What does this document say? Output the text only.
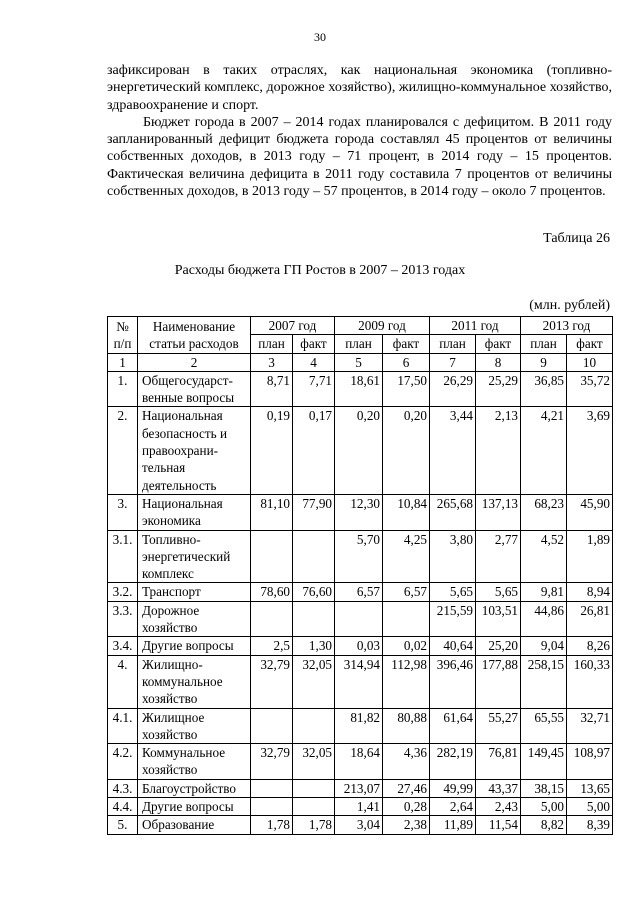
30

зафиксирован в таких отраслях, как национальная экономика (топливно-энергетический комплекс, дорожное хозяйство), жилищно-коммунальное хозяйство, здравоохранение и спорт.

Бюджет города в 2007 – 2014 годах планировался с дефицитом. В 2011 году запланированный дефицит бюджета города составлял 45 процентов от величины собственных доходов, в 2013 году – 71 процент, в 2014 году – 15 процентов. Фактическая величина дефицита в 2011 году составила 7 процентов от величины собственных доходов, в 2013 году – 57 процентов, в 2014 году – около 7 процентов.

Таблица 26
Расходы бюджета ГП Ростов в 2007 – 2013 годах
(млн. рублей)
№ п/п	Наименование статьи расходов	2007 год		2009 год		2011 год		2013 год	
		план	факт	план	факт	план	факт	план	факт
1	2	3	4	5	6	7	8	9	10
1.	Общегосударст-венные вопросы	8,71	7,71	18,61	17,50	26,29	25,29	36,85	35,72
2.	Национальная безопасность и правоохрани-тельная деятельность	0,19	0,17	0,20	0,20	3,44	2,13	4,21	3,69
3.	Национальная экономика	81,10	77,90	12,30	10,84	265,68	137,13	68,23	45,90
3.1.	Топливно-энергетический комплекс			5,70	4,25	3,80	2,77	4,52	1,89
3.2.	Транспорт	78,60	76,60	6,57	6,57	5,65	5,65	9,81	8,94
3.3.	Дорожное хозяйство					215,59	103,51	44,86	26,81
3.4.	Другие вопросы	2,5	1,30	0,03	0,02	40,64	25,20	9,04	8,26
4.	Жилищно-коммунальное хозяйство	32,79	32,05	314,94	112,98	396,46	177,88	258,15	160,33
4.1.	Жилищное хозяйство			81,82	80,88	61,64	55,27	65,55	32,71
4.2.	Коммунальное хозяйство	32,79	32,05	18,64	4,36	282,19	76,81	149,45	108,97
4.3.	Благоустройство			213,07	27,46	49,99	43,37	38,15	13,65
4.4.	Другие вопросы			1,41	0,28	2,64	2,43	5,00	5,00
5.	Образование	1,78	1,78	3,04	2,38	11,89	11,54	8,82	8,39
